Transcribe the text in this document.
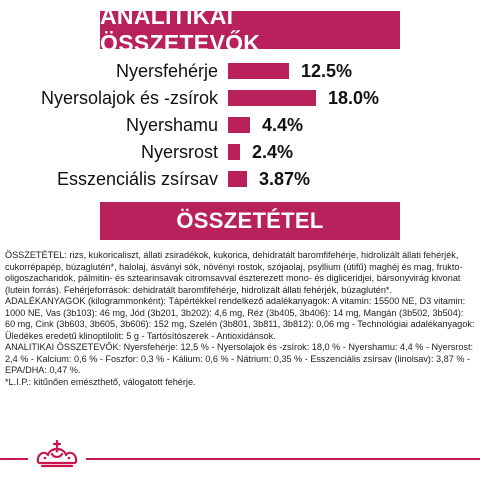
ANALITIKAI ÖSSZETEVŐK
Nyersfehérje	12.5%
Nyersolajok és -zsírok	18.0%
Nyershamu 4.4%
Nyersrost 2.4%
Esszenciális zsírsav 3.87%
ÖSSZETÉTEL

ÖSSZETÉTEL: rizs, kukoricaliszt, állati zsiradékok, kukorica, dehidratált baromfifehérje, hidrolizált állati fehérjék, cukorrépapép, búzaglutén*, halolaj, ásványi sók, növényi rostok, szójaolaj, psyllium (útifű) maghéj és mag, frukto-oligoszacharidok, pálmitin- és sztearinsavak citromsavval észterezett mono- és digliceridjei, bársonyvirág kivonat (lutein forrás). Fehérjeforrások: dehidratált baromfifehérje, hidrolizált állati fehérjék, búzaglutén*.

ADALÉKANYAGOK (kilogrammonként): Tápértékkel rendelkező adalékanyagok: A vitamin: 15500 NE, D3 vitamin: 1000 NE, Vas (3b103): 46 mg, Jód (3b201, 3b202): 4,6 mg, Réz (3b405, 3b406): 14 mg, Mangán (3b502, 3b504): 60 mg, Cink (3b603, 3b605, 3b606): 152 mg, Szelén (3b801, 3b811, 3b812): 0,06 mg - Technológiai adalékanyagok: Üledékes eredetű klinoptilolit: 5 g - Tartósítószerek - Antioxidánsok.

ANALITIKAI ÖSSZETEVŐK: Nyersfehérje: 12,5 % - Nyersolajok és -zsírok: 18,0 % - Nyershamu: 4,4 % - Nyersrost: 2,4 % - Kalcium: 0,6 % - Foszfor: 0,3 % - Kálium: 0,6 % - Nátrium: 0,35 % - Esszenciális zsírsav (linolsav): 3,87 % - EPA/DHA: 0,47 %.

*L.I.P.: kitűnően emészthető, válogatott fehérje.
